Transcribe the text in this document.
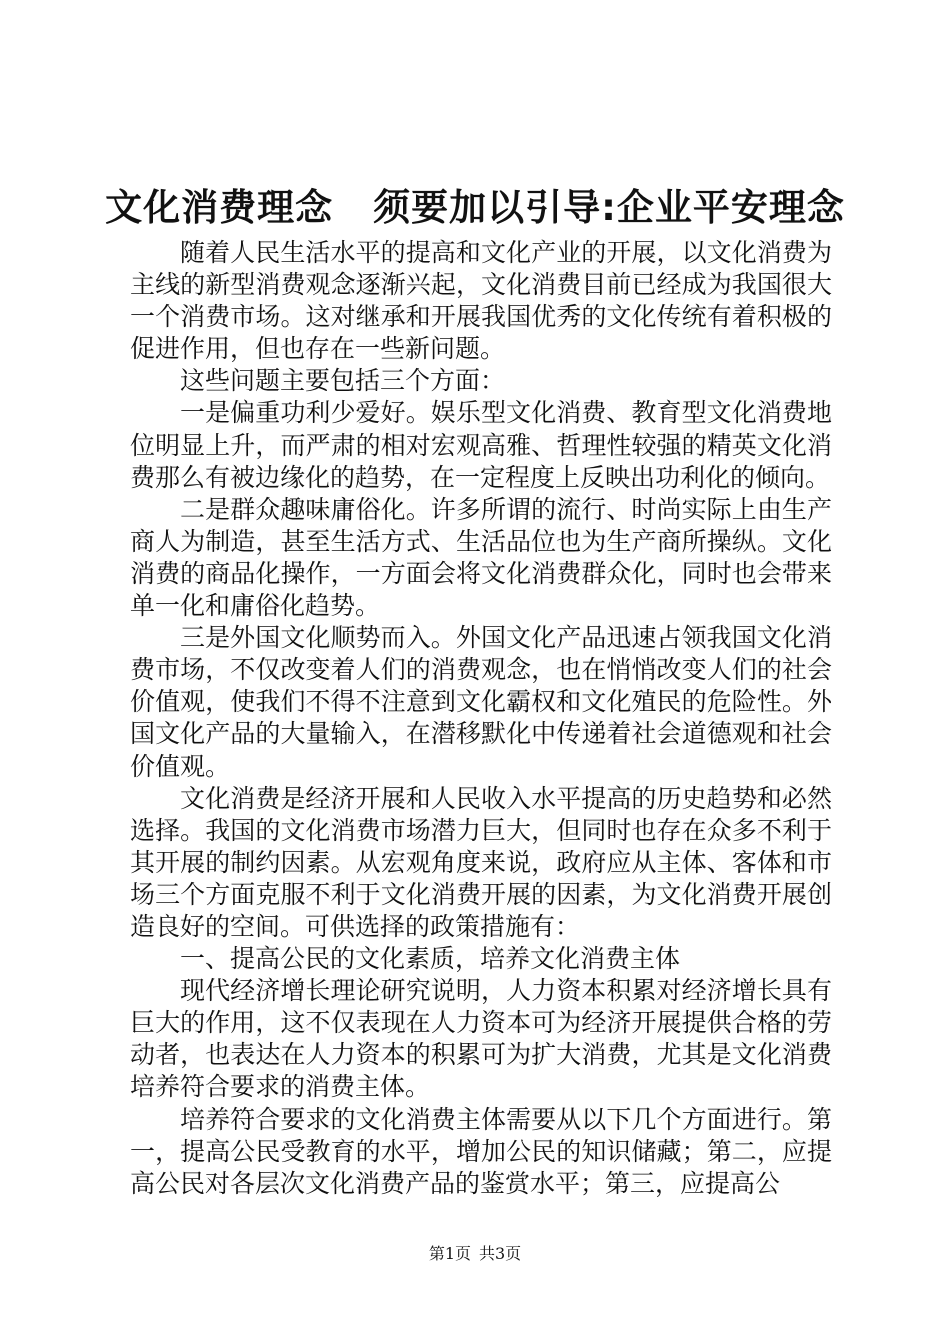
文化消费理念 须要加以引导:企业平安理念

随着人民生活水平的提高和文化产业的开展，以文化消费为主线的新型消费观念逐渐兴起，文化消费目前已经成为我国很大一个消费市场。这对继承和开展我国优秀的文化传统有着积极的促进作用，但也存在一些新问题。

这些问题主要包括三个方面：

一是偏重功利少爱好。娱乐型文化消费、教育型文化消费地位明显上升，而严肃的相对宏观高雅、哲理性较强的精英文化消费那么有被边缘化的趋势，在一定程度上反映出功利化的倾向。

二是群众趣味庸俗化。许多所谓的流行、时尚实际上由生产商人为制造，甚至生活方式、生活品位也为生产商所操纵。文化消费的商品化操作，一方面会将文化消费群众化，同时也会带来单一化和庸俗化趋势。

三是外国文化顺势而入。外国文化产品迅速占领我国文化消费市场，不仅改变着人们的消费观念，也在悄悄改变人们的社会价值观，使我们不得不注意到文化霸权和文化殖民的危险性。外国文化产品的大量输入，在潜移默化中传递着社会道德观和社会价值观。

文化消费是经济开展和人民收入水平提高的历史趋势和必然选择。我国的文化消费市场潜力巨大，但同时也存在众多不利于其开展的制约因素。从宏观角度来说，政府应从主体、客体和市场三个方面克服不利于文化消费开展的因素，为文化消费开展创造良好的空间。可供选择的政策措施有：

一、提高公民的文化素质，培养文化消费主体

现代经济增长理论研究说明，人力资本积累对经济增长具有巨大的作用，这不仅表现在人力资本可为经济开展提供合格的劳动者，也表达在人力资本的积累可为扩大消费，尤其是文化消费培养符合要求的消费主体。

培养符合要求的文化消费主体需要从以下几个方面进行。第一，提高公民受教育的水平，增加公民的知识储藏；第二，应提高公民对各层次文化消费产品的鉴赏水平；第三，应提高公

第1页 共3页
